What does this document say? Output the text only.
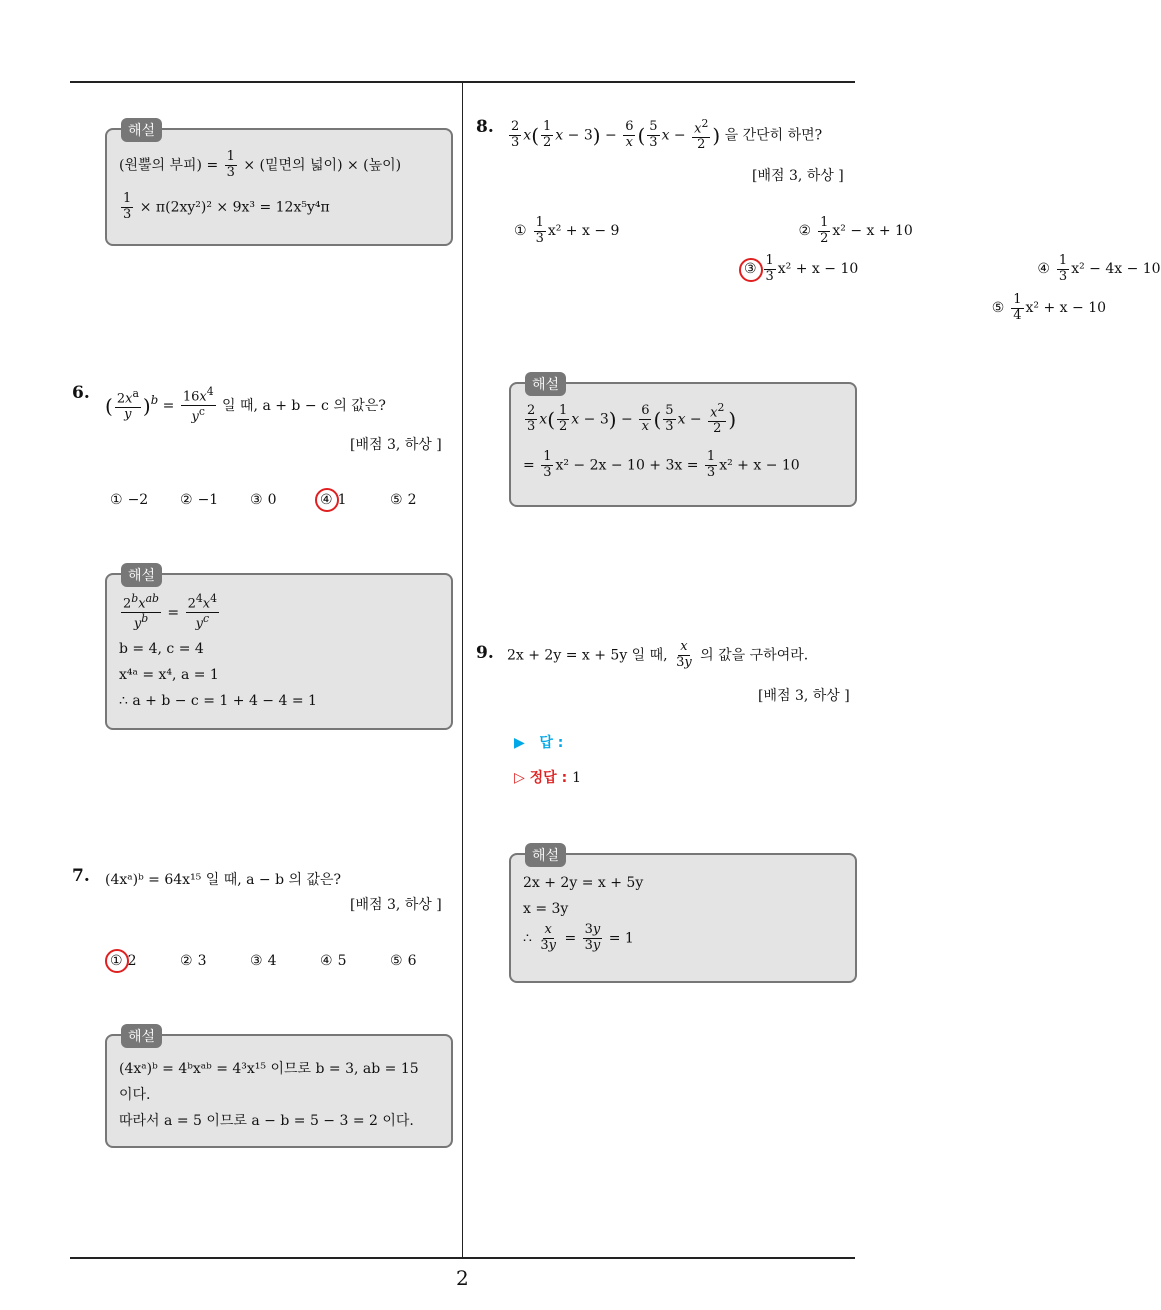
2
해설
(원뿔의 부피) = $\frac{1}{3}$ × (밑면의 넓이) × (높이)
$\frac{1}{3} \times \pi(2xy^2)^2 \times 9x^3 = 12x^5y^4\pi$
6.
( $\frac{2x^a}{y} )^b = \frac{16x^4}{y^c}$ 일 때, a + b − c 의 값은?
[배점 3, 하상 ]
① −2 ② −1 ③ 0	④ 1	⑤ 2
해설
$\frac{2^bx^{ab}}{y^b} = \frac{2^4x^4}{y^c}$
b = 4, c = 4
x⁴ᵃ = x⁴, a = 1
∴ a + b − c = 1 + 4 − 4 = 1
7. (4xᵃ)ᵇ = 64x¹⁵ 일 때, a − b 의 값은?
[배점 3, 하상 ]
① 2	② 3	③ 4	④ 5	⑤ 6
해설
(4xᵃ)ᵇ = 4ᵇxᵃᵇ = 4³x¹⁵ 이므로 b = 3, ab = 15
이다.
따라서 a = 5 이므로 a − b = 5 − 3 = 2 이다.
8. $\frac{2}{3} x( \frac{1}{2}$ $x - 3) - \frac{6}{x}$ ( $\frac{5}{3}$ $x - \frac{x^2}{2}$ ) 을 간단히 하면?
[배점 3, 하상 ]
① $\frac{1}{3} x^2 + x - 9$
	② $\frac{1}{2} x^2 - x + 10$

③ $\frac{1}{3} x^2 + x - 10$
	④ $\frac{1}{3} x^2 - 4x - 10$

⑤ $\frac{1}{4} x^2 + x - 10$
해설
$\frac{2}{3} x( \frac{1}{2}$ $x - 3) - \frac{6}{x}$ ( $\frac{5}{3}$ $x - \frac{x^2}{2}$ )
= $\frac{1}{3} x^2 - 2x - 10 + 3x = \frac{1}{3} x^2 + x - 10$
9. 2x + 2y = x + 5y 일 때, $\frac{x}{3y}$ 의 값을 구하여라.
[배점 3, 하상 ]
▶ 답 :
▷ 정답 : 1
해설
2x + 2y = x + 5y
x = 3y
∴ $\frac{x}{3y} = \frac{3y}{3y} = 1$
